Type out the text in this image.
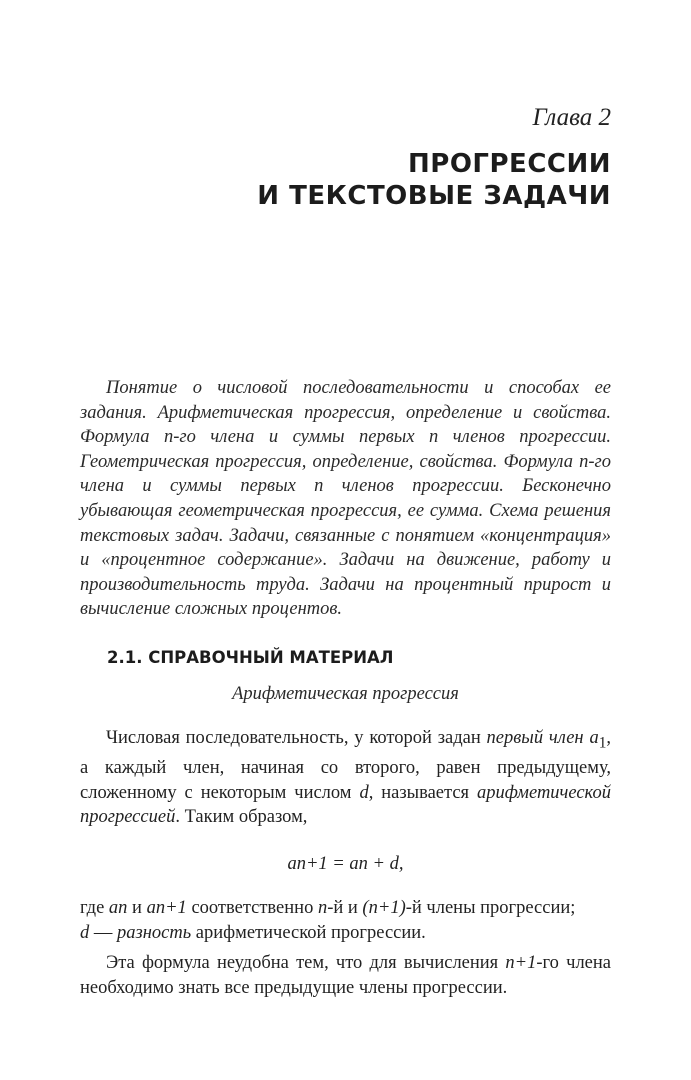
Глава 2
ПРОГРЕССИИ
И ТЕКСТОВЫЕ ЗАДАЧИ

Понятие о числовой последовательности и способах ее задания. Арифметическая прогрессия, определение и свойства. Формула n-го члена и суммы первых n членов прогрессии. Геометрическая прогрессия, определение, свойства. Формула n-го члена и суммы первых n членов прогрессии. Бесконечно убывающая геометрическая прогрессия, ее сумма. Схема решения текстовых задач. Задачи, связанные с понятием «концентрация» и «процентное содержание». Задачи на движение, работу и производительность труда. Задачи на процентный прирост и вычисление сложных процентов.

2.1. СПРАВОЧНЫЙ МАТЕРИАЛ
Арифметическая прогрессия

Числовая последовательность, у которой задан первый член $a_1$, а каждый член, начиная со второго, равен предыдущему, сложенному с некоторым числом d, называется арифметической прогрессией. Таким образом,

an+1 = an + d,

где an и an+1 соответственно n-й и (n+1)-й члены прогрессии;

d — разность арифметической прогрессии.

Эта формула неудобна тем, что для вычисления n+1-го члена необходимо знать все предыдущие члены прогрессии.
